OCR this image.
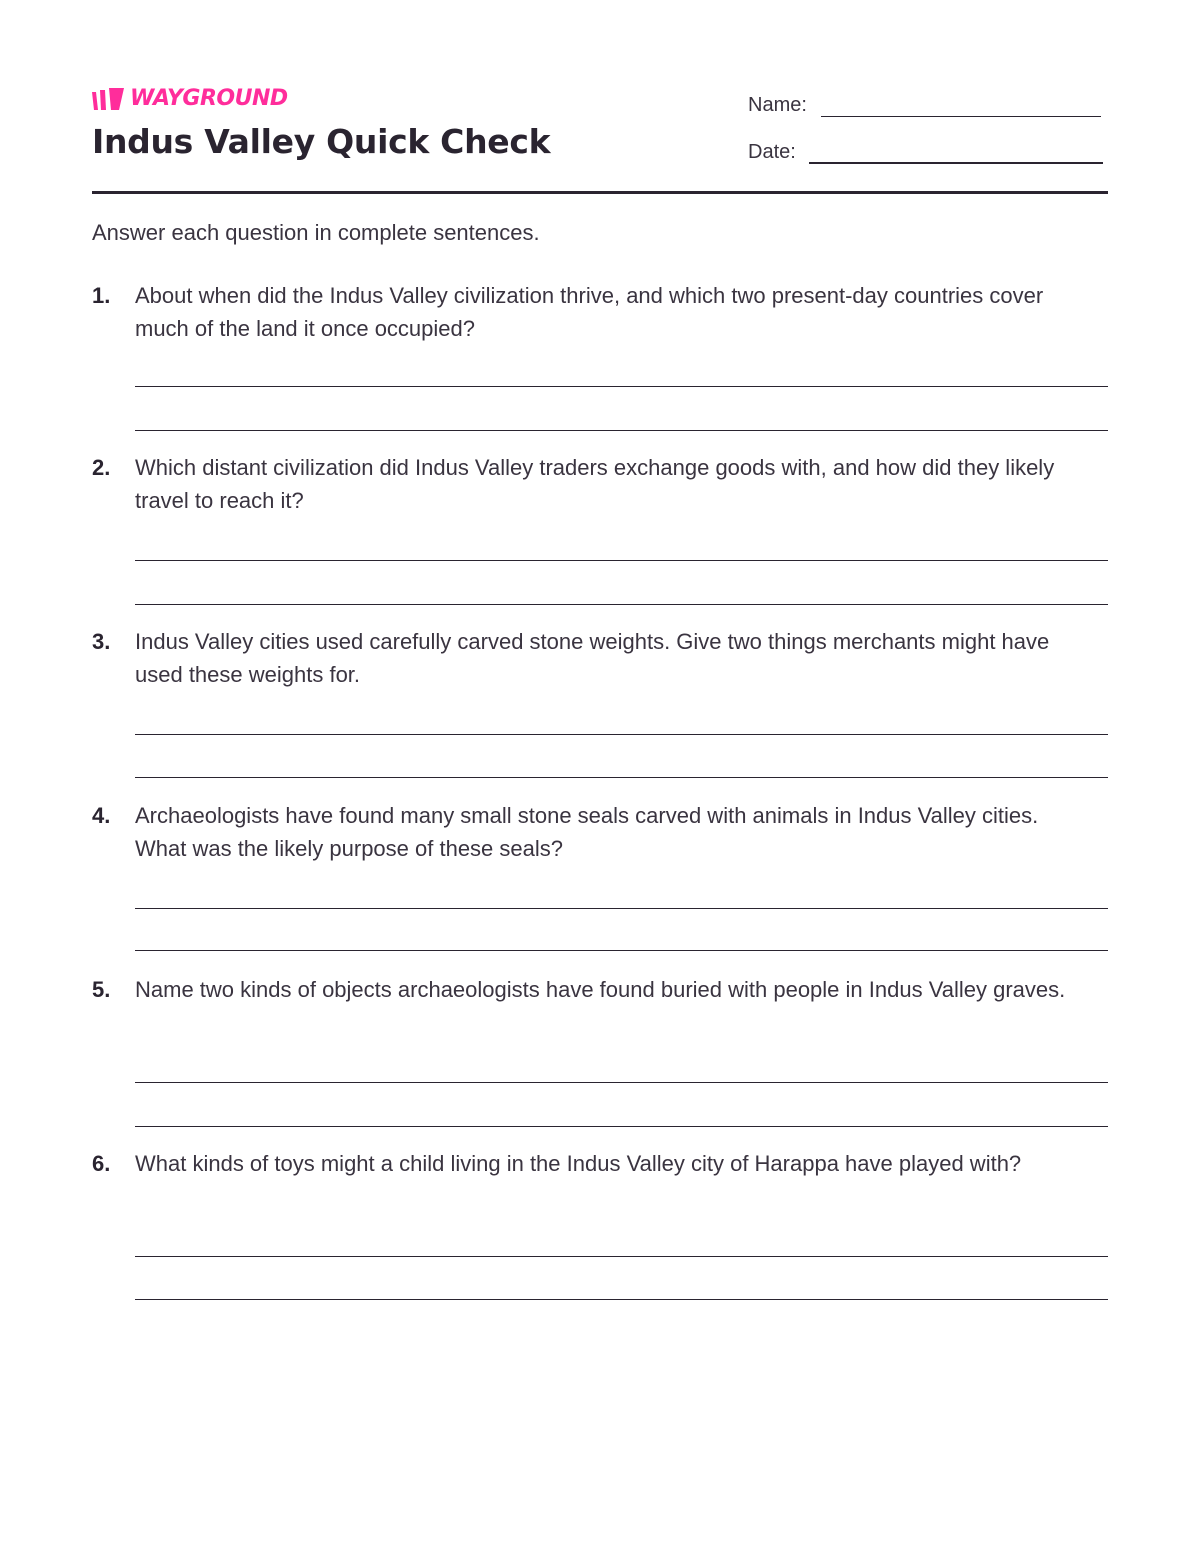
WAYGROUND
Indus Valley Quick Check
Name:
Date:
Answer each question in complete sentences.
1. About when did the Indus Valley civilization thrive, and which two present-day countries cover much of the land it once occupied?
2. Which distant civilization did Indus Valley traders exchange goods with, and how did they likely travel to reach it?
3. Indus Valley cities used carefully carved stone weights. Give two things merchants might have used these weights for.
4. Archaeologists have found many small stone seals carved with animals in Indus Valley cities. What was the likely purpose of these seals?
5. Name two kinds of objects archaeologists have found buried with people in Indus Valley graves.
6. What kinds of toys might a child living in the Indus Valley city of Harappa have played with?
